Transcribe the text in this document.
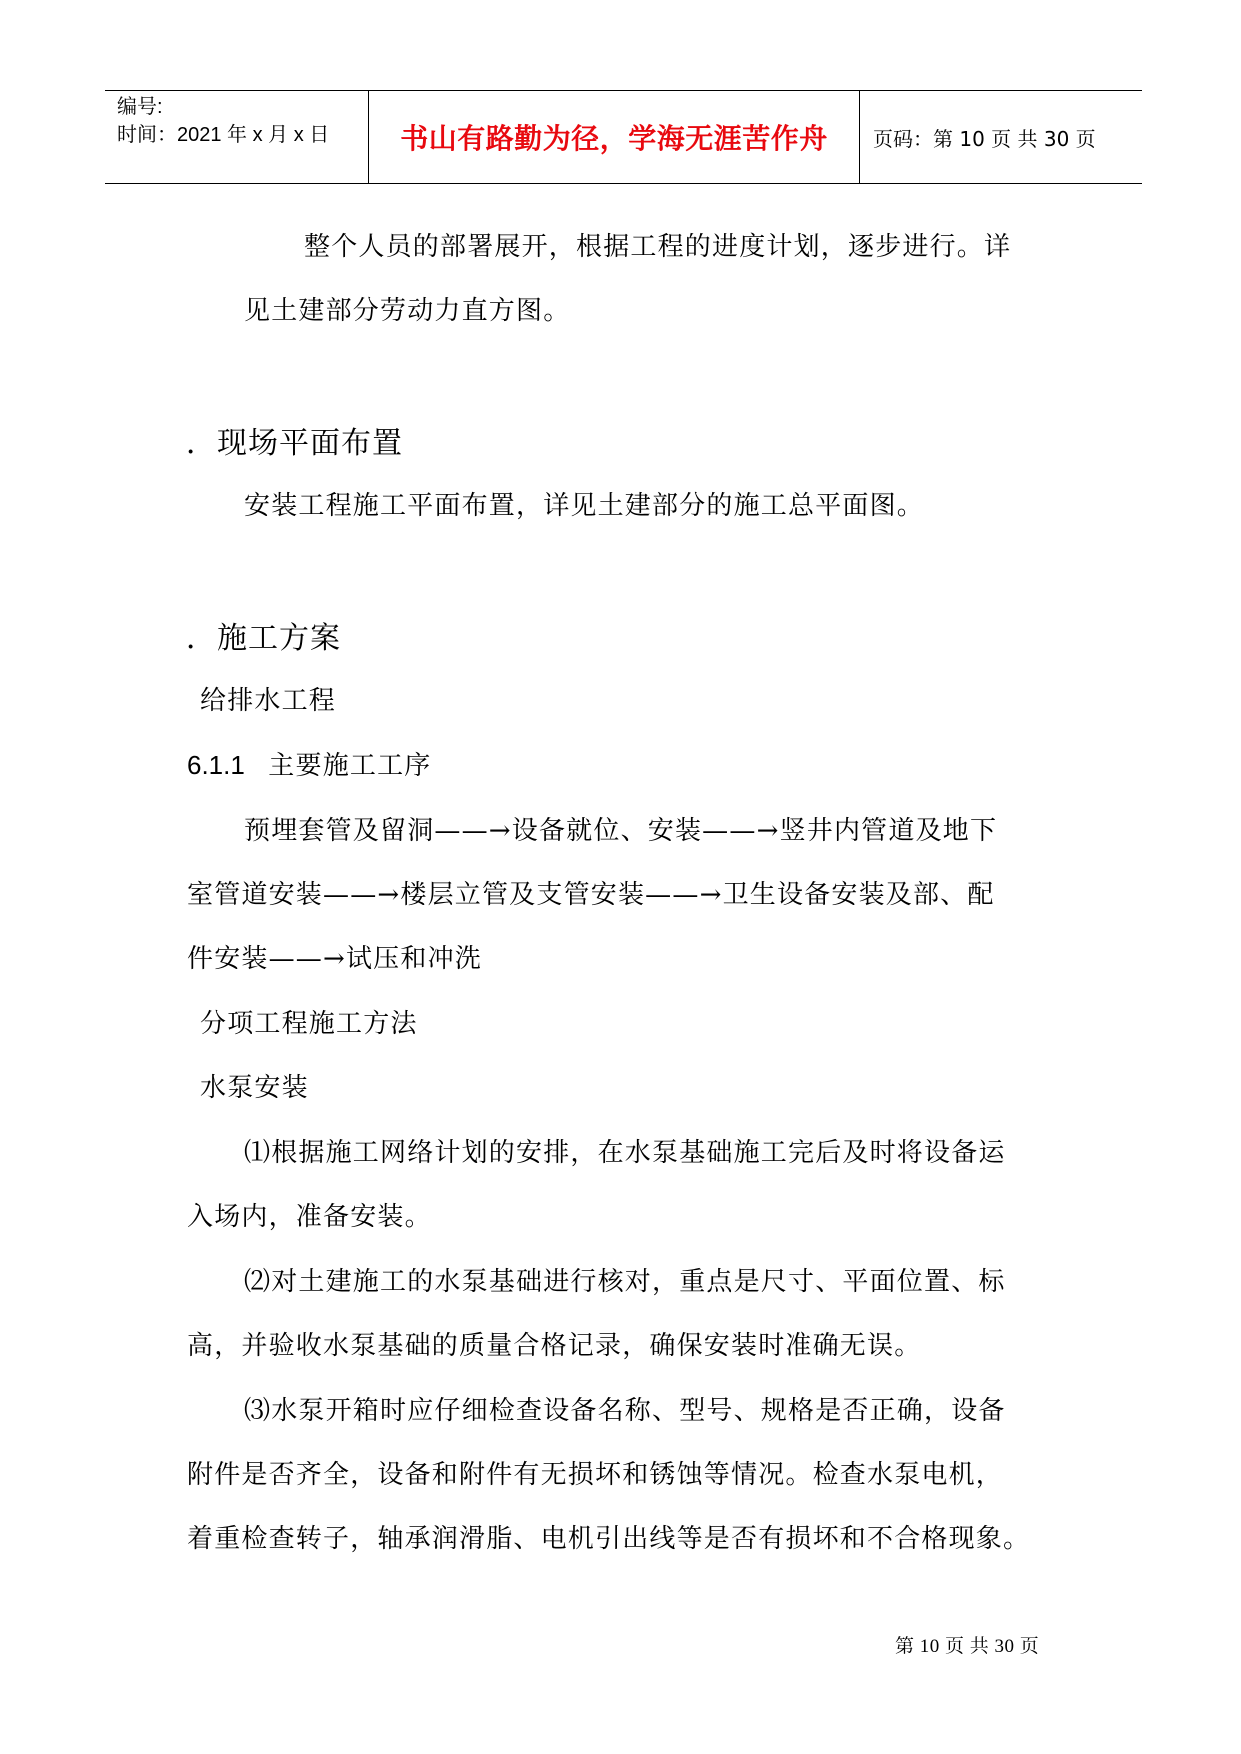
编号:
时间：2021 年 x 月 x 日	书山有路勤为径，学海无涯苦作舟	页码：第 10 页 共 30 页
整个人员的部署展开，根据工程的进度计划，逐步进行。详
见土建部分劳动力直方图。
．现场平面布置
安装工程施工平面布置，详见土建部分的施工总平面图。
．施工方案
给排水工程
6.1.1 主要施工工序
预埋套管及留洞——→设备就位、安装——→竖井内管道及地下
室管道安装——→楼层立管及支管安装——→卫生设备安装及部、配
件安装——→试压和冲洗
分项工程施工方法
水泵安装
⑴根据施工网络计划的安排，在水泵基础施工完后及时将设备运
入场内，准备安装。
⑵对土建施工的水泵基础进行核对，重点是尺寸、平面位置、标
高，并验收水泵基础的质量合格记录，确保安装时准确无误。
⑶水泵开箱时应仔细检查设备名称、型号、规格是否正确，设备
附件是否齐全，设备和附件有无损坏和锈蚀等情况。检查水泵电机，
着重检查转子，轴承润滑脂、电机引出线等是否有损坏和不合格现象。
第 10 页 共 30 页
